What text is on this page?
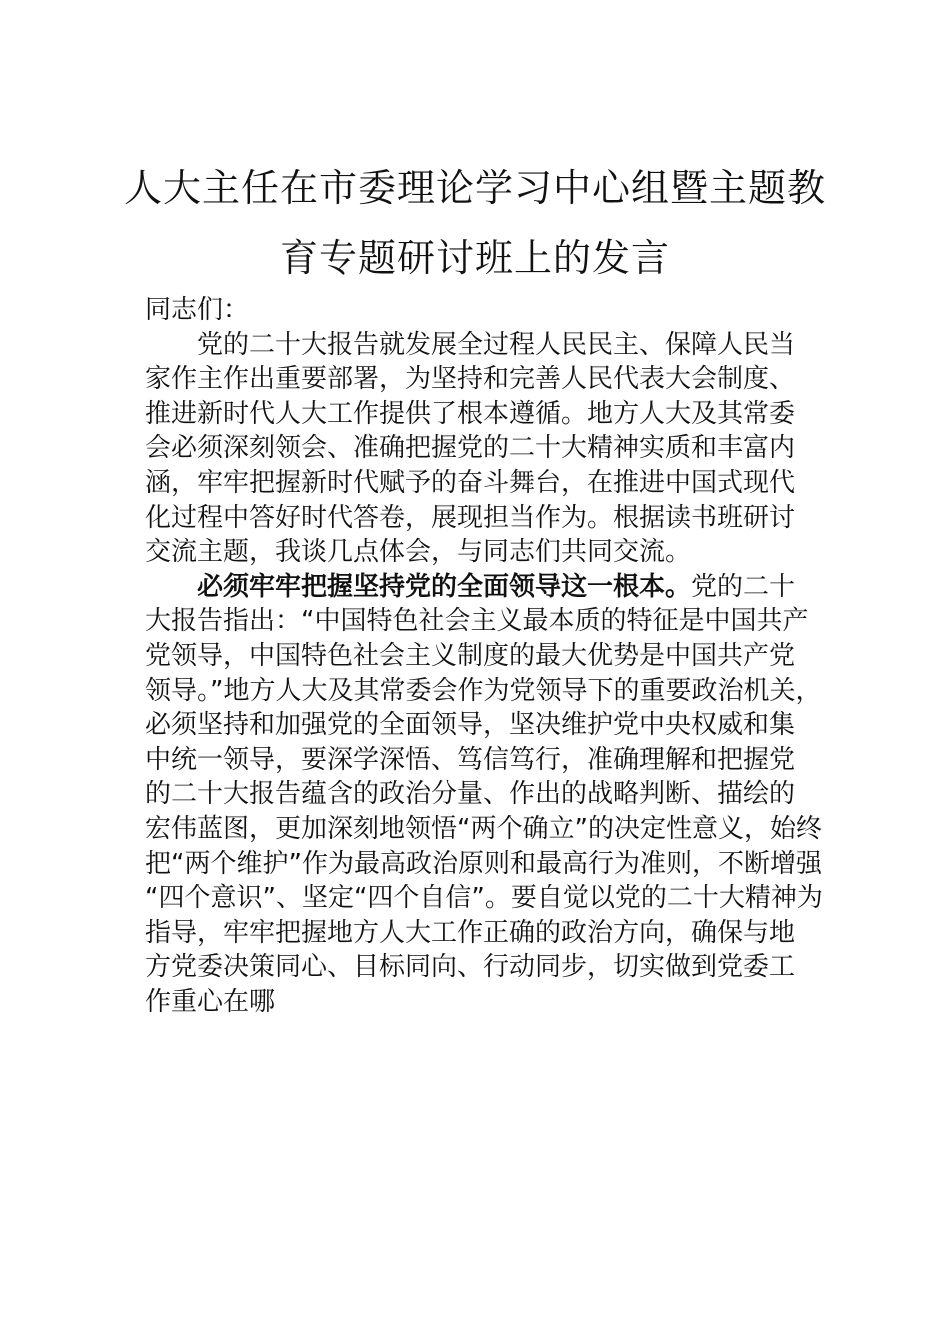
人大主任在市委理论学习中心组暨主题教
育专题研讨班上的发言
同志们：
党的二十大报告就发展全过程人民民主、保障人民当
家作主作出重要部署，为坚持和完善人民代表大会制度、
推进新时代人大工作提供了根本遵循。地方人大及其常委
会必须深刻领会、准确把握党的二十大精神实质和丰富内
涵，牢牢把握新时代赋予的奋斗舞台，在推进中国式现代
化过程中答好时代答卷，展现担当作为。根据读书班研讨
交流主题，我谈几点体会，与同志们共同交流。
必须牢牢把握坚持党的全面领导这一根本。党的二十
大报告指出：“中国特色社会主义最本质的特征是中国共产
党领导，中国特色社会主义制度的最大优势是中国共产党
领导。”地方人大及其常委会作为党领导下的重要政治机关，
必须坚持和加强党的全面领导，坚决维护党中央权威和集
中统一领导，要深学深悟、笃信笃行，准确理解和把握党
的二十大报告蕴含的政治分量、作出的战略判断、描绘的
宏伟蓝图，更加深刻地领悟“两个确立”的决定性意义，始终
把“两个维护”作为最高政治原则和最高行为准则，不断增强
“四个意识”、坚定“四个自信”。要自觉以党的二十大精神为
指导，牢牢把握地方人大工作正确的政治方向，确保与地
方党委决策同心、目标同向、行动同步，切实做到党委工
作重心在哪
